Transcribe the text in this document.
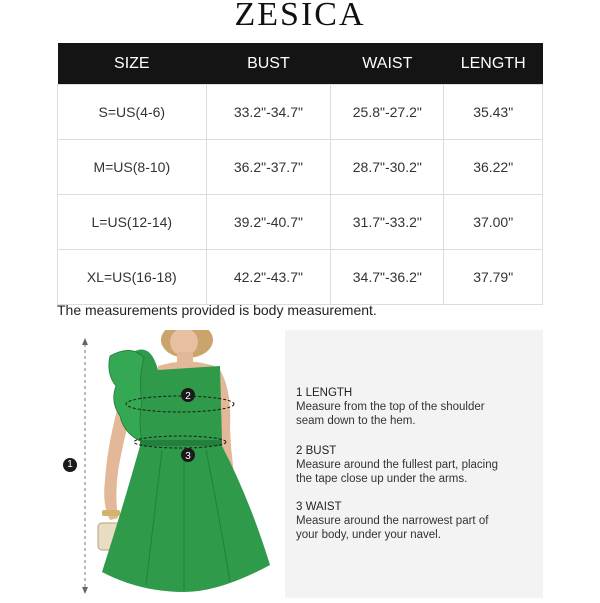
ZESICA
SIZE	BUST	WAIST	LENGTH
S=US(4-6)	33.2"-34.7"	25.8"-27.2"	35.43"
M=US(8-10)	36.2"-37.7"	28.7"-30.2"	36.22"
L=US(12-14)	39.2"-40.7"	31.7"-33.2"	37.00"
XL=US(16-18)	42.2"-43.7"	34.7"-36.2"	37.79"
The measurements provided is body measurement.
2
3
1
1 LENGTH
Measure from the top of the shoulder
seam down to the hem.
2 BUST
Measure around the fullest part, placing
the tape close up under the arms.
3 WAIST
Measure around the narrowest part of
your body, under your navel.
